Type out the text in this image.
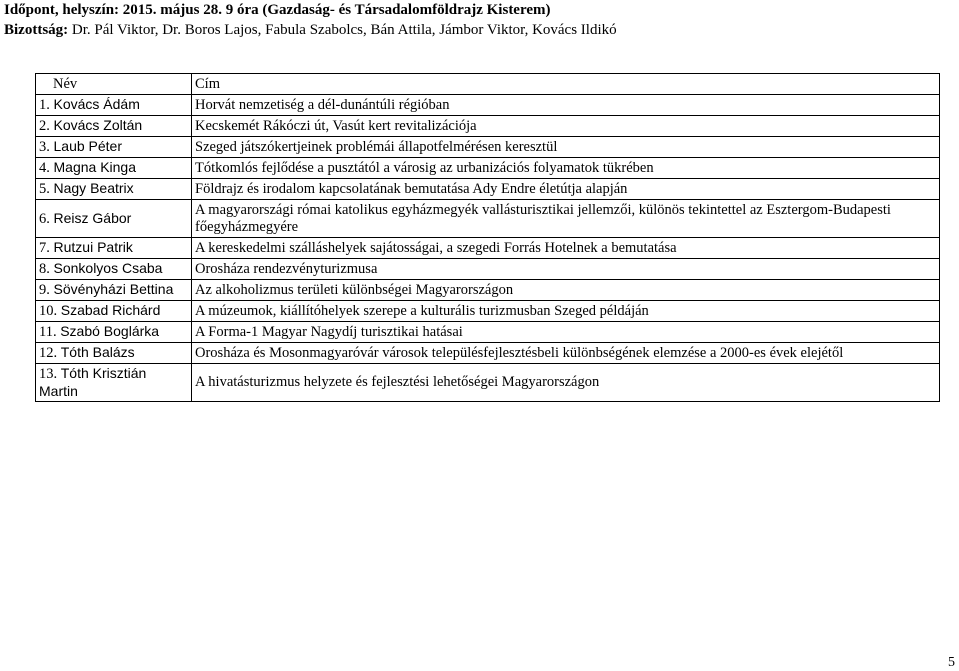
Időpont, helyszín: 2015. május 28. 9 óra (Gazdaság- és Társadalomföldrajz Kisterem)
Bizottság: Dr. Pál Viktor, Dr. Boros Lajos, Fabula Szabolcs, Bán Attila, Jámbor Viktor, Kovács Ildikó
Név	Cím
1. Kovács Ádám	Horvát nemzetiség a dél-dunántúli régióban
2. Kovács Zoltán	Kecskemét Rákóczi út, Vasút kert revitalizációja
3. Laub Péter	Szeged játszókertjeinek problémái állapotfelmérésen keresztül
4. Magna Kinga	Tótkomlós fejlődése a pusztától a városig az urbanizációs folyamatok tükrében
5. Nagy Beatrix	Földrajz és irodalom kapcsolatának bemutatása Ady Endre életútja alapján
6. Reisz Gábor	A magyarországi római katolikus egyházmegyék vallásturisztikai jellemzői, különös tekintettel az Esztergom-Budapesti főegyházmegyére
7. Rutzui Patrik	A kereskedelmi szálláshelyek sajátosságai, a szegedi Forrás Hotelnek a bemutatása
8. Sonkolyos Csaba	Orosháza rendezvényturizmusa
9. Sövényházi Bettina	Az alkoholizmus területi különbségei Magyarországon
10. Szabad Richárd	A múzeumok, kiállítóhelyek szerepe a kulturális turizmusban Szeged példáján
11. Szabó Boglárka	A Forma-1 Magyar Nagydíj turisztikai hatásai
12. Tóth Balázs	Orosháza és Mosonmagyaróvár városok településfejlesztésbeli különbségének elemzése a 2000-es évek elejétől
13. Tóth Krisztián Martin	A hivatásturizmus helyzete és fejlesztési lehetőségei Magyarországon
5
